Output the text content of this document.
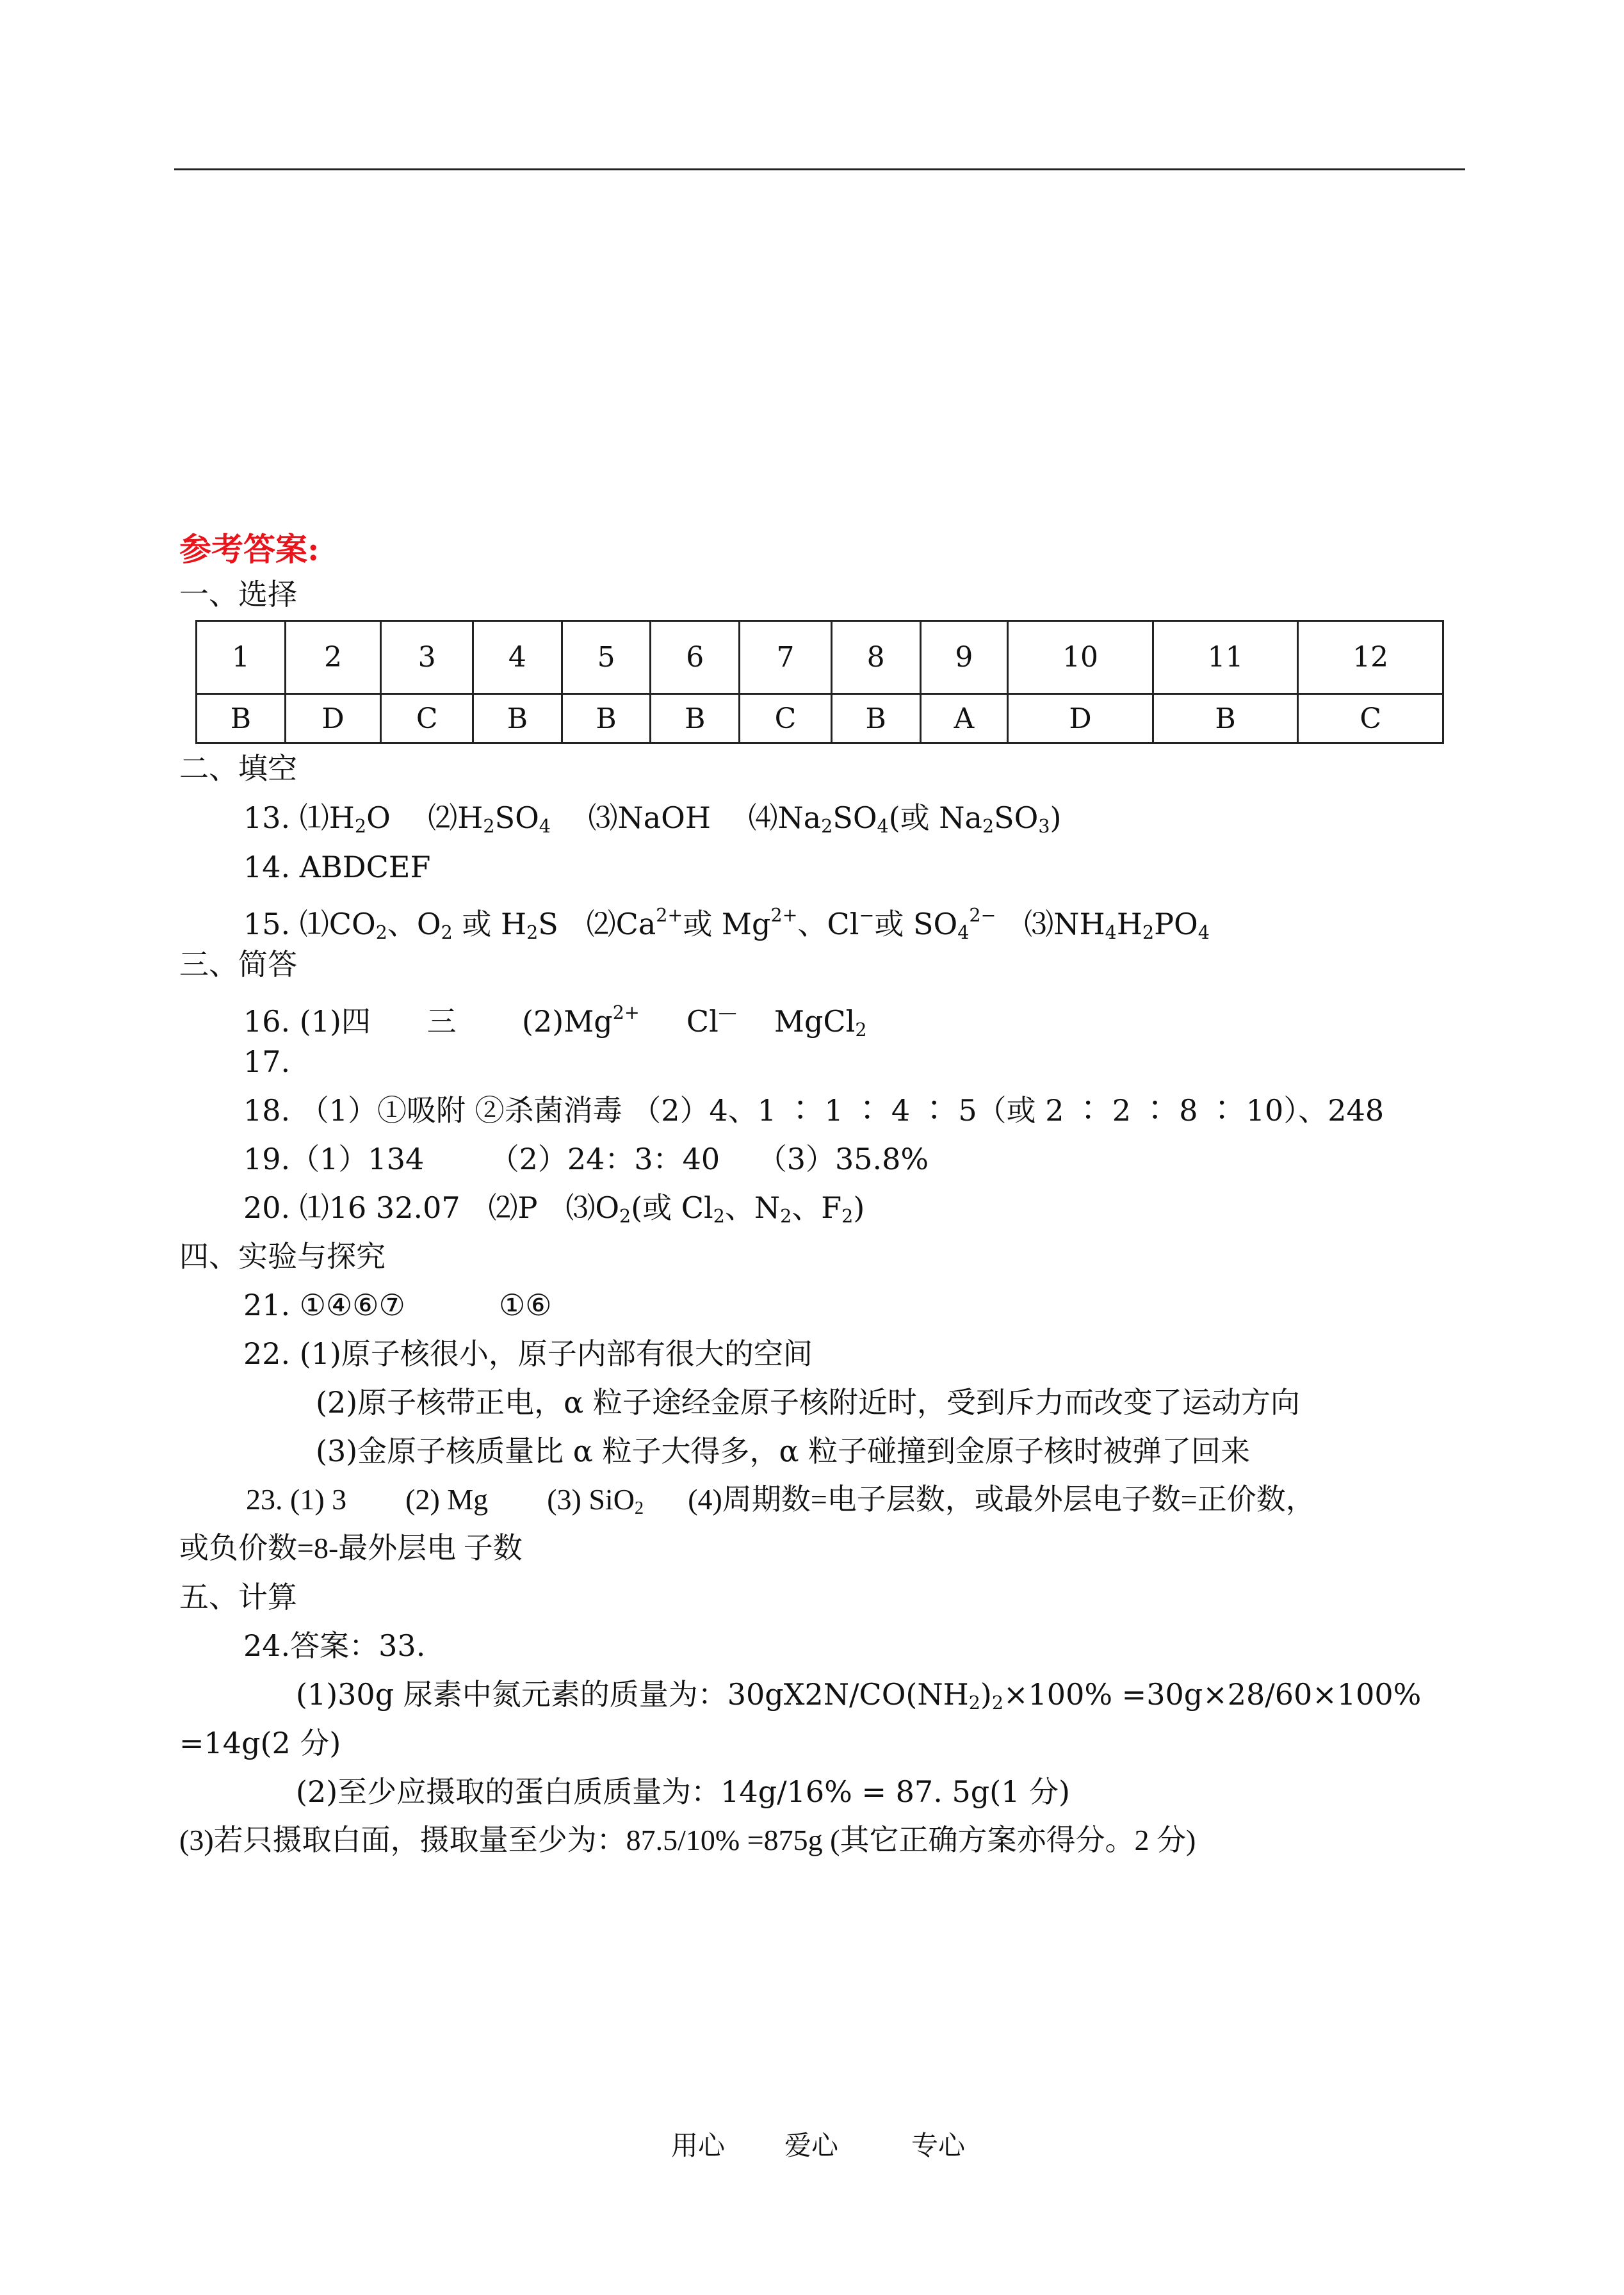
参考答案:
一、选择
1	2	3	4	5	6	7	8	9	10	11	12
B	D	C	B	B	B	C	B	A	D	B	C
二、填空
13. $⑴H_2O$ $⑵H_2SO_4$ ⑶NaOH $⑷Na_2SO_4$(或 $Na_2SO_3$)
14. ABDCEF
15. $⑴CO_2$、$O_2$ 或 $H_2S$ $⑵Ca^{2+}$或 $Mg^{2+}$、Cl−或 $SO_4^{2-}$ $⑶NH_4H_2PO_4$
三、简答
16. (1)四 三 $(2)Mg^{2+}$ Cl— MgCl$_2$
17.
18. （1）①吸附 ②杀菌消毒 （2）4、1 ∶ 1 ∶ 4 ∶ 5（或 2 ∶ 2 ∶ 8 ∶ 10）、248
19.（1）134 （2）24：3：40 （3）35.8%
20. ⑴16 32.07 ⑵P $⑶O_2$(或 $Cl_2$、$N_2$、$F_2$)
四、实验与探究
21. ①④⑥⑦	①⑥
22. (1)原子核很小，原子内部有很大的空间
(2)原子核带正电，α 粒子途经金原子核附近时，受到斥力而改变了运动方向
(3)金原子核质量比 α 粒子大得多，α 粒子碰撞到金原子核时被弹了回来
23. (1) 3 (2) Mg (3) SiO$_2$ (4)周期数=电子层数，或最外层电子数=正价数，
或负价数=8-最外层电 子数
五、计算
24.答案：33.
(1)30g 尿素中氮元素的质量为：$30gX2N/CO(NH_2)_2\times 100\% =30g\times 28/60\times 100\%$
=14g(2 分)
(2)至少应摄取的蛋白质质量为：14g/16% = 87. 5g(1 分)
(3)若只摄取白面，摄取量至少为：87.5/10% =875g (其它正确方案亦得分。2 分)
用心 爱心	专心
